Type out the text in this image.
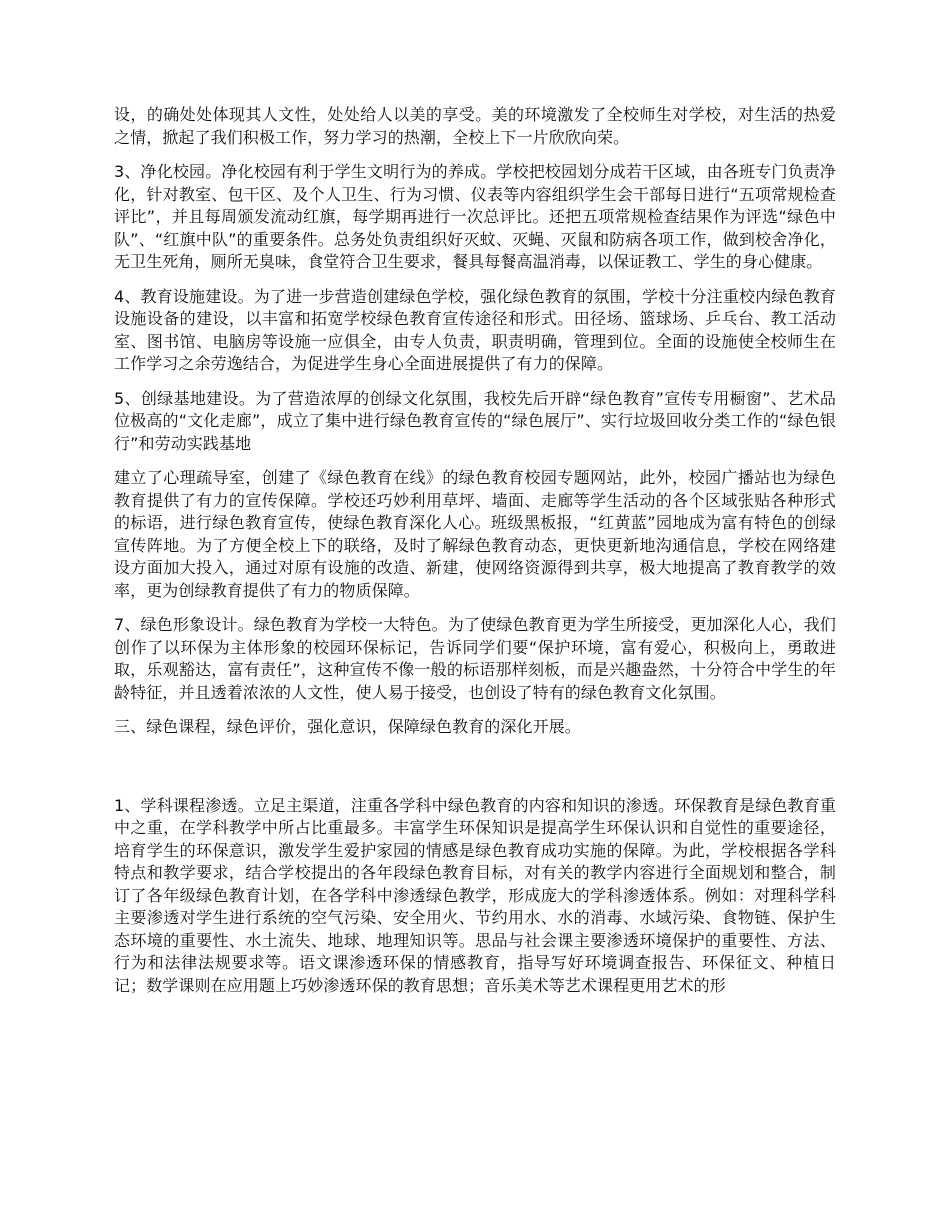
设，的确处处体现其人文性，处处给人以美的享受。美的环境激发了全校师生对学校，对生活的热爱之情，掀起了我们积极工作，努力学习的热潮，全校上下一片欣欣向荣。

3、净化校园。净化校园有利于学生文明行为的养成。学校把校园划分成若干区域，由各班专门负责净化，针对教室、包干区、及个人卫生、行为习惯、仪表等内容组织学生会干部每日进行“五项常规检查评比”，并且每周颁发流动红旗，每学期再进行一次总评比。还把五项常规检查结果作为评选“绿色中队”、“红旗中队”的重要条件。总务处负责组织好灭蚊、灭蝇、灭鼠和防病各项工作，做到校舍净化，无卫生死角，厕所无臭味，食堂符合卫生要求，餐具每餐高温消毒，以保证教工、学生的身心健康。

4、教育设施建设。为了进一步营造创建绿色学校，强化绿色教育的氛围，学校十分注重校内绿色教育设施设备的建设，以丰富和拓宽学校绿色教育宣传途径和形式。田径场、篮球场、乒乓台、教工活动室、图书馆、电脑房等设施一应俱全，由专人负责，职责明确，管理到位。全面的设施使全校师生在工作学习之余劳逸结合，为促进学生身心全面进展提供了有力的保障。

5、创绿基地建设。为了营造浓厚的创绿文化氛围，我校先后开辟“绿色教育”宣传专用橱窗”、艺术品位极高的“文化走廊”，成立了集中进行绿色教育宣传的“绿色展厅”、实行垃圾回收分类工作的“绿色银行”和劳动实践基地

建立了心理疏导室，创建了《绿色教育在线》的绿色教育校园专题网站，此外，校园广播站也为绿色教育提供了有力的宣传保障。学校还巧妙利用草坪、墙面、走廊等学生活动的各个区域张贴各种形式的标语，进行绿色教育宣传，使绿色教育深化人心。班级黑板报，“红黄蓝”园地成为富有特色的创绿宣传阵地。为了方便全校上下的联络，及时了解绿色教育动态，更快更新地沟通信息，学校在网络建设方面加大投入，通过对原有设施的改造、新建，使网络资源得到共享，极大地提高了教育教学的效率，更为创绿教育提供了有力的物质保障。

7、绿色形象设计。绿色教育为学校一大特色。为了使绿色教育更为学生所接受，更加深化人心，我们创作了以环保为主体形象的校园环保标记，告诉同学们要“保护环境，富有爱心，积极向上，勇敢进取，乐观豁达，富有责任”，这种宣传不像一般的标语那样刻板，而是兴趣盎然，十分符合中学生的年龄特征，并且透着浓浓的人文性，使人易于接受，也创设了特有的绿色教育文化氛围。

三、绿色课程，绿色评价，强化意识，保障绿色教育的深化开展。

1、学科课程渗透。立足主渠道，注重各学科中绿色教育的内容和知识的渗透。环保教育是绿色教育重中之重，在学科教学中所占比重最多。丰富学生环保知识是提高学生环保认识和自觉性的重要途径，培育学生的环保意识，激发学生爱护家园的情感是绿色教育成功实施的保障。为此，学校根据各学科特点和教学要求，结合学校提出的各年段绿色教育目标，对有关的教学内容进行全面规划和整合，制订了各年级绿色教育计划，在各学科中渗透绿色教学，形成庞大的学科渗透体系。例如：对理科学科主要渗透对学生进行系统的空气污染、安全用火、节约用水、水的消毒、水域污染、食物链、保护生态环境的重要性、水土流失、地球、地理知识等。思品与社会课主要渗透环境保护的重要性、方法、行为和法律法规要求等。语文课渗透环保的情感教育，指导写好环境调查报告、环保征文、种植日记；数学课则在应用题上巧妙渗透环保的教育思想；音乐美术等艺术课程更用艺术的形
